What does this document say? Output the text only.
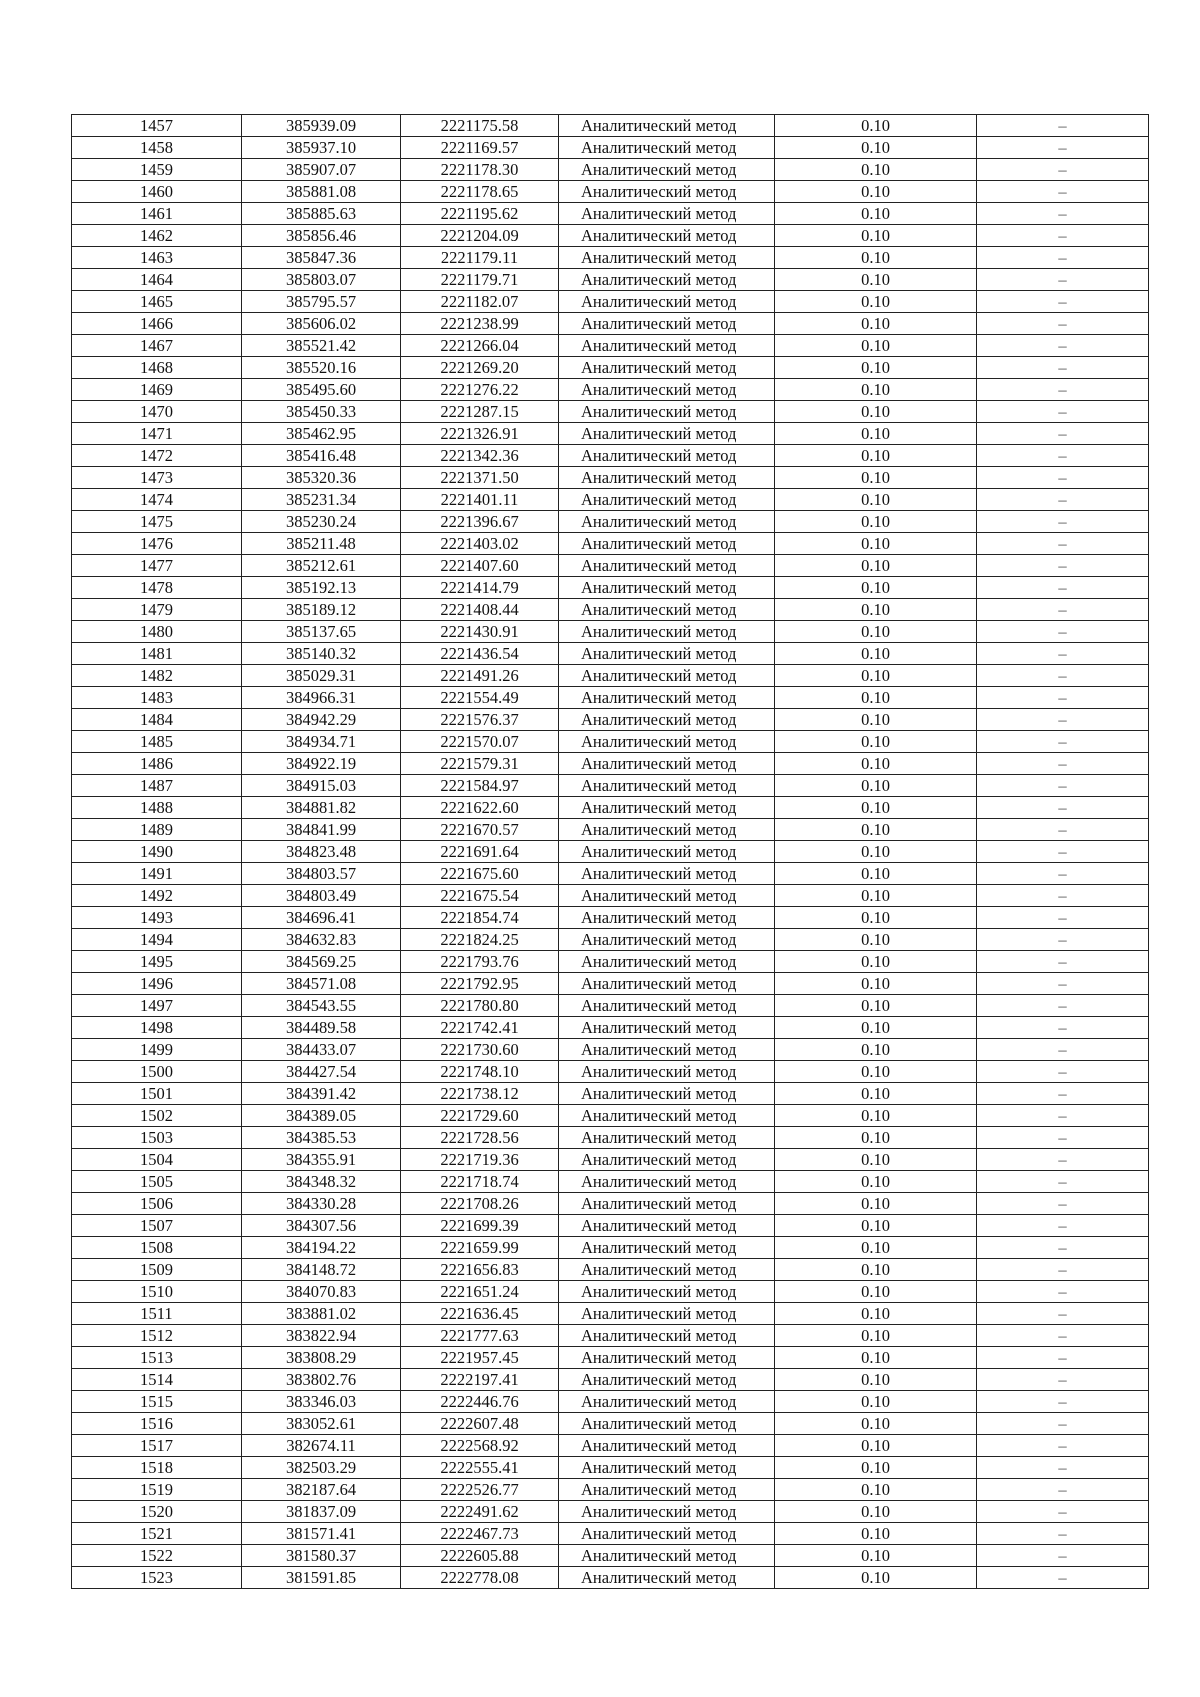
1457	385939.09	2221175.58	Аналитический метод	0.10	–
1458	385937.10	2221169.57	Аналитический метод	0.10	–
1459	385907.07	2221178.30	Аналитический метод	0.10	–
1460	385881.08	2221178.65	Аналитический метод	0.10	–
1461	385885.63	2221195.62	Аналитический метод	0.10	–
1462	385856.46	2221204.09	Аналитический метод	0.10	–
1463	385847.36	2221179.11	Аналитический метод	0.10	–
1464	385803.07	2221179.71	Аналитический метод	0.10	–
1465	385795.57	2221182.07	Аналитический метод	0.10	–
1466	385606.02	2221238.99	Аналитический метод	0.10	–
1467	385521.42	2221266.04	Аналитический метод	0.10	–
1468	385520.16	2221269.20	Аналитический метод	0.10	–
1469	385495.60	2221276.22	Аналитический метод	0.10	–
1470	385450.33	2221287.15	Аналитический метод	0.10	–
1471	385462.95	2221326.91	Аналитический метод	0.10	–
1472	385416.48	2221342.36	Аналитический метод	0.10	–
1473	385320.36	2221371.50	Аналитический метод	0.10	–
1474	385231.34	2221401.11	Аналитический метод	0.10	–
1475	385230.24	2221396.67	Аналитический метод	0.10	–
1476	385211.48	2221403.02	Аналитический метод	0.10	–
1477	385212.61	2221407.60	Аналитический метод	0.10	–
1478	385192.13	2221414.79	Аналитический метод	0.10	–
1479	385189.12	2221408.44	Аналитический метод	0.10	–
1480	385137.65	2221430.91	Аналитический метод	0.10	–
1481	385140.32	2221436.54	Аналитический метод	0.10	–
1482	385029.31	2221491.26	Аналитический метод	0.10	–
1483	384966.31	2221554.49	Аналитический метод	0.10	–
1484	384942.29	2221576.37	Аналитический метод	0.10	–
1485	384934.71	2221570.07	Аналитический метод	0.10	–
1486	384922.19	2221579.31	Аналитический метод	0.10	–
1487	384915.03	2221584.97	Аналитический метод	0.10	–
1488	384881.82	2221622.60	Аналитический метод	0.10	–
1489	384841.99	2221670.57	Аналитический метод	0.10	–
1490	384823.48	2221691.64	Аналитический метод	0.10	–
1491	384803.57	2221675.60	Аналитический метод	0.10	–
1492	384803.49	2221675.54	Аналитический метод	0.10	–
1493	384696.41	2221854.74	Аналитический метод	0.10	–
1494	384632.83	2221824.25	Аналитический метод	0.10	–
1495	384569.25	2221793.76	Аналитический метод	0.10	–
1496	384571.08	2221792.95	Аналитический метод	0.10	–
1497	384543.55	2221780.80	Аналитический метод	0.10	–
1498	384489.58	2221742.41	Аналитический метод	0.10	–
1499	384433.07	2221730.60	Аналитический метод	0.10	–
1500	384427.54	2221748.10	Аналитический метод	0.10	–
1501	384391.42	2221738.12	Аналитический метод	0.10	–
1502	384389.05	2221729.60	Аналитический метод	0.10	–
1503	384385.53	2221728.56	Аналитический метод	0.10	–
1504	384355.91	2221719.36	Аналитический метод	0.10	–
1505	384348.32	2221718.74	Аналитический метод	0.10	–
1506	384330.28	2221708.26	Аналитический метод	0.10	–
1507	384307.56	2221699.39	Аналитический метод	0.10	–
1508	384194.22	2221659.99	Аналитический метод	0.10	–
1509	384148.72	2221656.83	Аналитический метод	0.10	–
1510	384070.83	2221651.24	Аналитический метод	0.10	–
1511	383881.02	2221636.45	Аналитический метод	0.10	–
1512	383822.94	2221777.63	Аналитический метод	0.10	–
1513	383808.29	2221957.45	Аналитический метод	0.10	–
1514	383802.76	2222197.41	Аналитический метод	0.10	–
1515	383346.03	2222446.76	Аналитический метод	0.10	–
1516	383052.61	2222607.48	Аналитический метод	0.10	–
1517	382674.11	2222568.92	Аналитический метод	0.10	–
1518	382503.29	2222555.41	Аналитический метод	0.10	–
1519	382187.64	2222526.77	Аналитический метод	0.10	–
1520	381837.09	2222491.62	Аналитический метод	0.10	–
1521	381571.41	2222467.73	Аналитический метод	0.10	–
1522	381580.37	2222605.88	Аналитический метод	0.10	–
1523	381591.85	2222778.08	Аналитический метод	0.10	–
